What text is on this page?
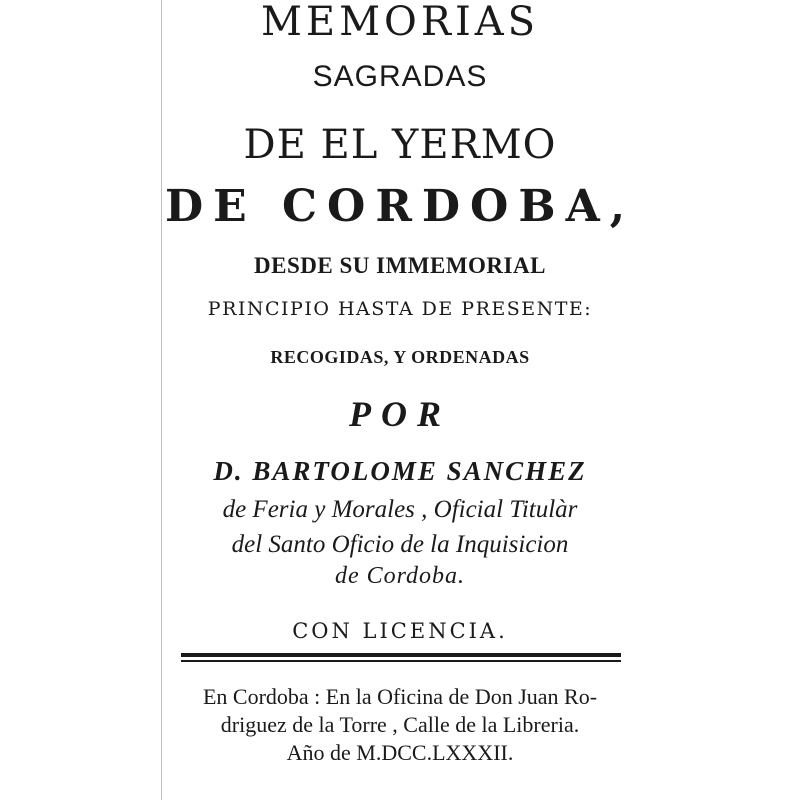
MEMORIAS
SAGRADAS
DE EL YERMO
DE CORDOBA,
DESDE SU IMMEMORIAL
PRINCIPIO HASTA DE PRESENTE:
RECOGIDAS, Y ORDENADAS
POR
D. BARTOLOME SANCHEZ
de Feria y Morales , Oficial Titulàr
del Santo Oficio de la Inquisicion
de Cordoba.
CON LICENCIA.
En Cordoba : En la Oficina de Don Juan Ro-
driguez de la Torre , Calle de la Libreria.
Año de M.DCC.LXXXII.
